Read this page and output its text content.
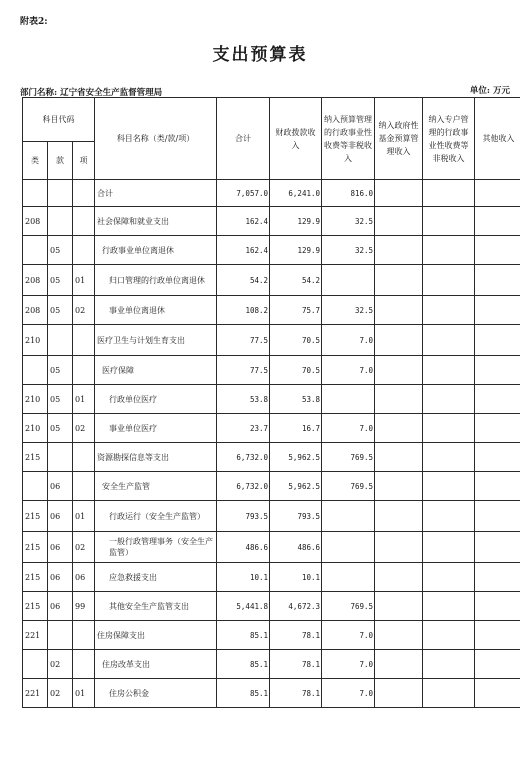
附表2:
支出预算表
部门名称: 辽宁省安全生产监督管理局	单位: 万元
科目代码			科目名称（类/款/项）	合计	财政拨款收入	纳入预算管理的行政事业性收费等非税收入	纳入政府性基金预算管理收入	纳入专户管理的行政事业性收费等非税收入	其他收入
类	款	项							
			合计	7,057.0	6,241.0	816.0			
208			社会保障和就业支出	162.4	129.9	32.5			
	05		行政事业单位离退休	162.4	129.9	32.5			
208	05	01	归口管理的行政单位离退休	54.2	54.2				
208	05	02	事业单位离退休	108.2	75.7	32.5			
210			医疗卫生与计划生育支出	77.5	70.5	7.0			
	05		医疗保障	77.5	70.5	7.0			
210	05	01	行政单位医疗	53.8	53.8				
210	05	02	事业单位医疗	23.7	16.7	7.0			
215			资源勘探信息等支出	6,732.0	5,962.5	769.5			
	06		安全生产监管	6,732.0	5,962.5	769.5			
215	06	01	行政运行（安全生产监管）	793.5	793.5				
215	06	02	一般行政管理事务（安全生产监管）	486.6	486.6				
215	06	06	应急救援支出	10.1	10.1				
215	06	99	其他安全生产监管支出	5,441.8	4,672.3	769.5			
221			住房保障支出	85.1	78.1	7.0			
	02		住房改革支出	85.1	78.1	7.0			
221	02	01	住房公积金	85.1	78.1	7.0			
